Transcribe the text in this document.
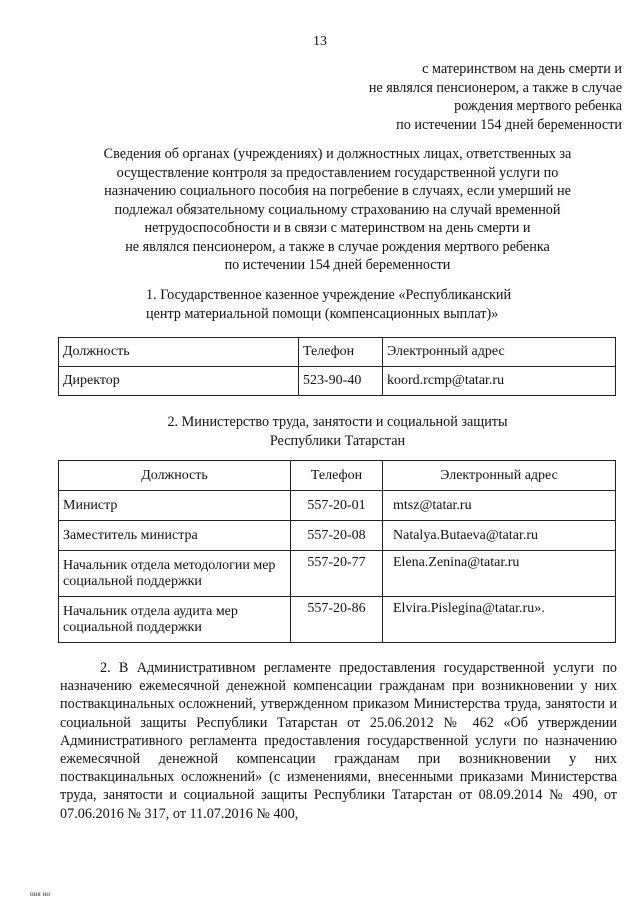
13
с материнством на день смерти и
не являлся пенсионером, а также в случае
рождения мертвого ребенка
по истечении 154 дней беременности
Сведения об органах (учреждениях) и должностных лицах, ответственных за
осуществление контроля за предоставлением государственной услуги по
назначению социального пособия на погребение в случаях, если умерший не
подлежал обязательному социальному страхованию на случай временной
нетрудоспособности и в связи с материнством на день смерти и
не являлся пенсионером, а также в случае рождения мертвого ребенка
по истечении 154 дней беременности
1. Государственное казенное учреждение «Республиканский
центр материальной помощи (компенсационных выплат)»
Должность	Телефон	Электронный адрес
Директор	523-90-40	koord.rcmp@tatar.ru
2. Министерство труда, занятости и социальной защиты
Республики Татарстан
Должность	Телефон	Электронный адрес
Министр	557-20-01	mtsz@tatar.ru
Заместитель министра	557-20-08	Natalya.Butaeva@tatar.ru
Начальник отдела методологии мер социальной поддержки	557-20-77	Elena.Zenina@tatar.ru
Начальник отдела аудита мер социальной поддержки	557-20-86	Elvira.Pislegina@tatar.ru».

2. В Административном регламенте предоставления государственной услуги по назначению ежемесячной денежной компенсации гражданам при возникновении у них поствакцинальных осложнений, утвержденном приказом Министерства труда, занятости и социальной защиты Республики Татарстан от 25.06.2012 № 462 «Об утверждении Административного регламента предоставления государственной услуги по назначению ежемесячной денежной компенсации гражданам при возникновении у них поствакцинальных осложнений» (с изменениями, внесенными приказами Министерства труда, занятости и социальной защиты Республики Татарстан от 08.09.2014 № 490, от 07.06.2016 № 317, от 11.07.2016 № 400,

ння нн
